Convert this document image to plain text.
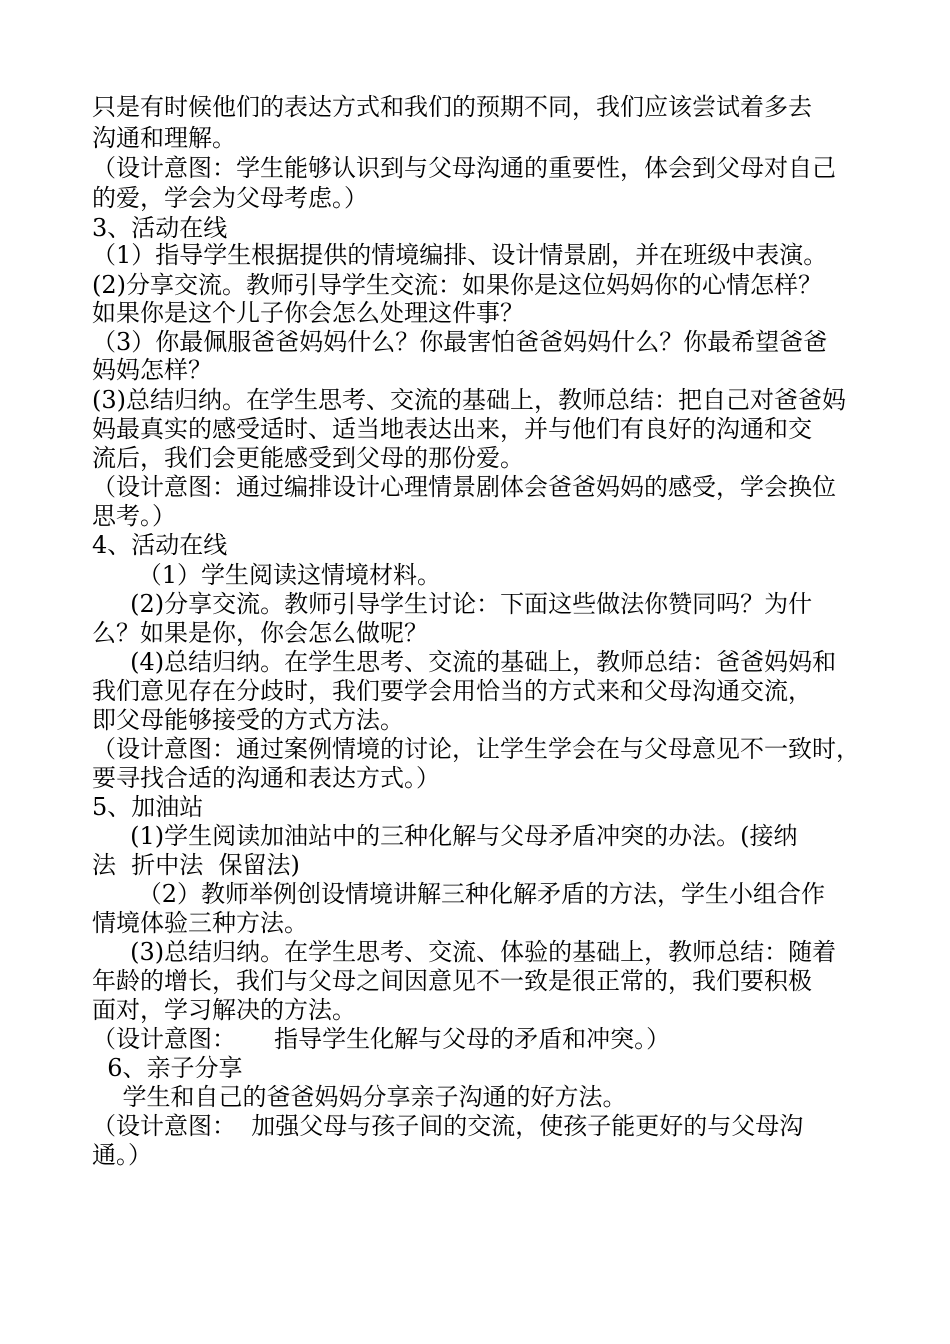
只是有时候他们的表达方式和我们的预期不同，我们应该尝试着多去
沟通和理解。
（设计意图：学生能够认识到与父母沟通的重要性，体会到父母对自己
的爱，学会为父母考虑。）
3、活动在线
（1）指导学生根据提供的情境编排、设计情景剧，并在班级中表演。
(2)分享交流。教师引导学生交流：如果你是这位妈妈你的心情怎样？
如果你是这个儿子你会怎么处理这件事？
（3）你最佩服爸爸妈妈什么？你最害怕爸爸妈妈什么？你最希望爸爸
妈妈怎样？
(3)总结归纳。在学生思考、交流的基础上，教师总结：把自己对爸爸妈
妈最真实的感受适时、适当地表达出来，并与他们有良好的沟通和交
流后，我们会更能感受到父母的那份爱。
（设计意图：通过编排设计心理情景剧体会爸爸妈妈的感受，学会换位
思考。）
4、活动在线
（1）学生阅读这情境材料。
(2)分享交流。教师引导学生讨论：下面这些做法你赞同吗？为什
么？如果是你，你会怎么做呢？
(4)总结归纳。在学生思考、交流的基础上，教师总结：爸爸妈妈和
我们意见存在分歧时，我们要学会用恰当的方式来和父母沟通交流，
即父母能够接受的方式方法。
（设计意图：通过案例情境的讨论，让学生学会在与父母意见不一致时，
要寻找合适的沟通和表达方式。）
5、加油站
(1)学生阅读加油站中的三种化解与父母矛盾冲突的办法。(接纳
法  折中法  保留法)
（2）教师举例创设情境讲解三种化解矛盾的方法，学生小组合作
情境体验三种方法。
(3)总结归纳。在学生思考、交流、体验的基础上，教师总结：随着
年龄的增长，我们与父母之间因意见不一致是很正常的，我们要积极
面对，学习解决的方法。
（设计意图：     指导学生化解与父母的矛盾和冲突。）
6、亲子分享
学生和自己的爸爸妈妈分享亲子沟通的好方法。
（设计意图：  加强父母与孩子间的交流，使孩子能更好的与父母沟
通。）
